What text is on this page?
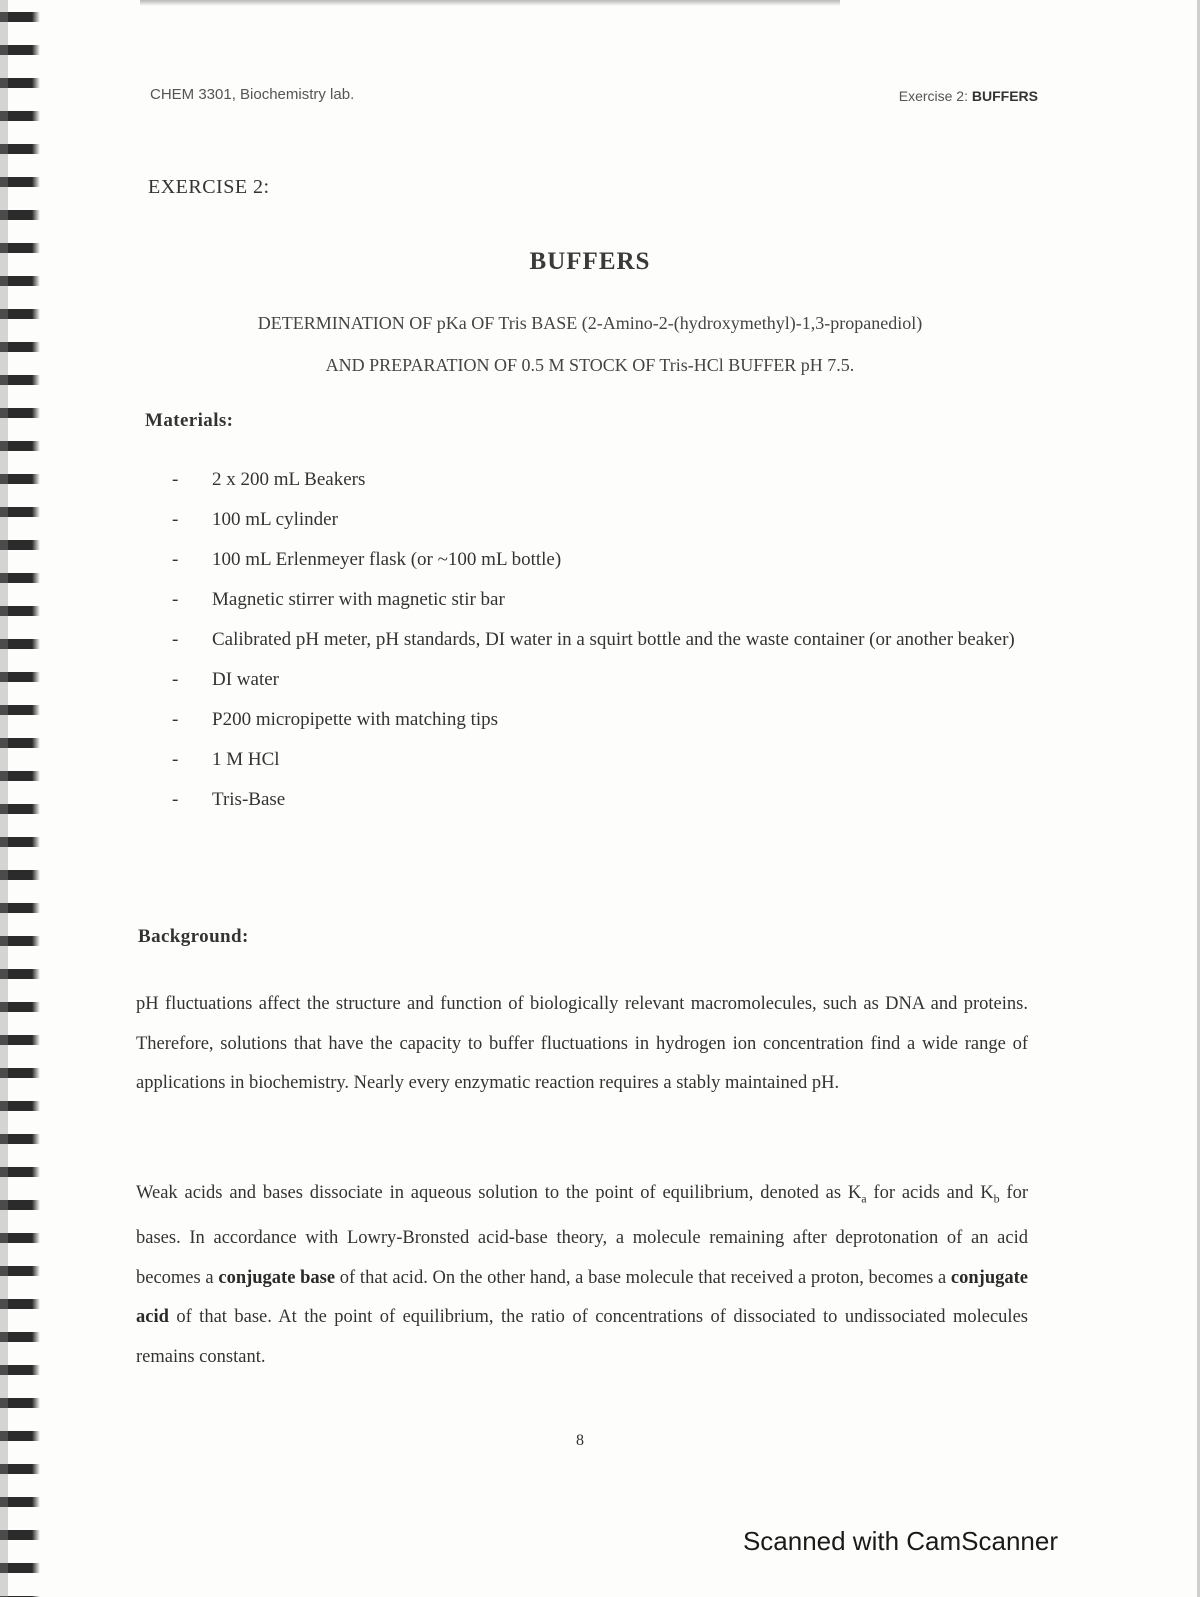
CHEM 3301, Biochemistry lab.	Exercise 2: BUFFERS
EXERCISE 2:
BUFFERS
DETERMINATION OF pKa OF Tris BASE (2-Amino-2-(hydroxymethyl)-1,3-propanediol)
AND PREPARATION OF 0.5 M STOCK OF Tris-HCl BUFFER pH 7.5.
Materials:
- 2 x 200 mL Beakers
- 100 mL cylinder
- 100 mL Erlenmeyer flask (or ~100 mL bottle)
- Magnetic stirrer with magnetic stir bar
- Calibrated pH meter, pH standards, DI water in a squirt bottle and the waste container (or another beaker)
- DI water
- P200 micropipette with matching tips
- 1 M HCl
- Tris-Base
Background:

pH fluctuations affect the structure and function of biologically relevant macromolecules, such as DNA and proteins. Therefore, solutions that have the capacity to buffer fluctuations in hydrogen ion concentration find a wide range of applications in biochemistry. Nearly every enzymatic reaction requires a stably maintained pH.

Weak acids and bases dissociate in aqueous solution to the point of equilibrium, denoted as $K_a$ for acids and $K_b$ for bases. In accordance with Lowry-Bronsted acid-base theory, a molecule remaining after deprotonation of an acid becomes a conjugate base of that acid. On the other hand, a base molecule that received a proton, becomes a conjugate acid of that base. At the point of equilibrium, the ratio of concentrations of dissociated to undissociated molecules remains constant.

8
Scanned with CamScanner
